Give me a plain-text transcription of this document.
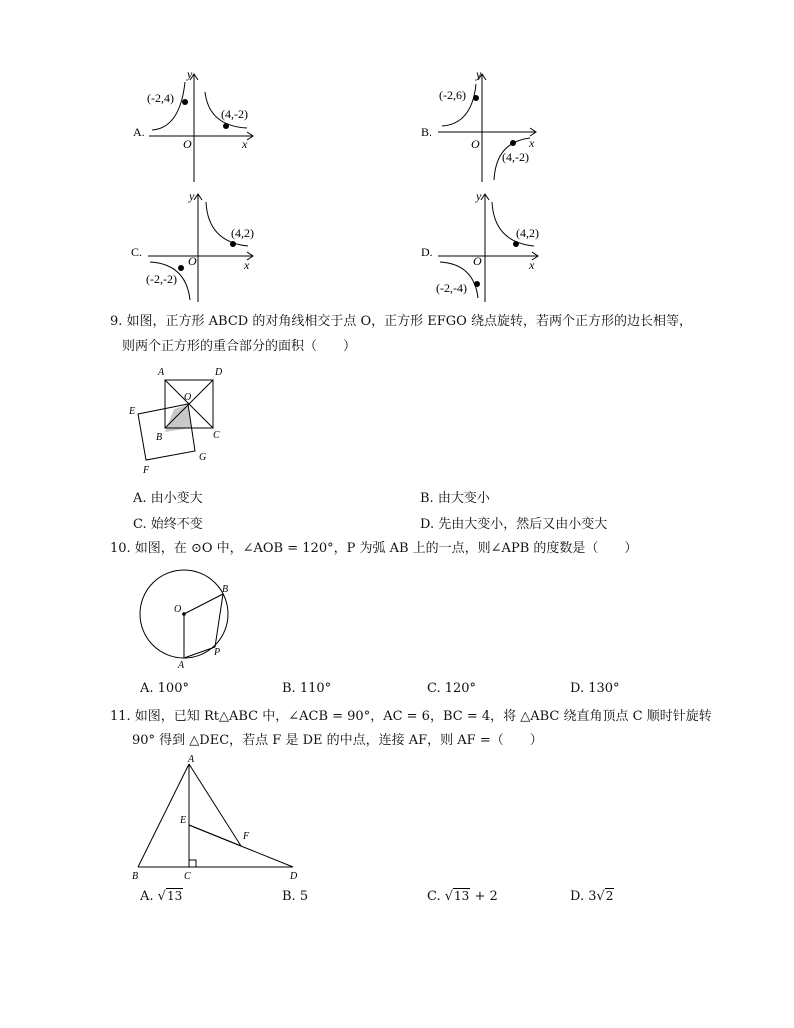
A.
y
x
O
(-2,4)
(4,-2)
B.
y
x
O
(-2,6)
(4,-2)
C.
y
x
O
(4,2)
(-2,-2)
D.
y
x
O
(4,2)
(-2,-4)
9. 如图，正方形 ABCD 的对角线相交于点 O，正方形 EFGO 绕点旋转，若两个正方形的边长相等，
则两个正方形的重合部分的面积（　　）
A	D
O
E
B	C
F
G
A. 由小变大	B. 由大变小
C. 始终不变	D. 先由大变小，然后又由小变大
10. 如图，在 ⊙O 中，∠AOB = 120°，P 为弧 AB 上的一点，则∠APB 的度数是（　　）
O
B
A
P
A. 100°	B. 110°	C. 120°	D. 130°
11. 如图，已知 Rt△ABC 中，∠ACB = 90°，AC = 6，BC = 4，将 △ABC 绕直角顶点 C 顺时针旋转
90° 得到 △DEC，若点 F 是 DE 的中点，连接 AF，则 AF =（　　）
A
E
F
B	C	D
A. √13	B. 5	C. √13 + 2	D. 3√2
